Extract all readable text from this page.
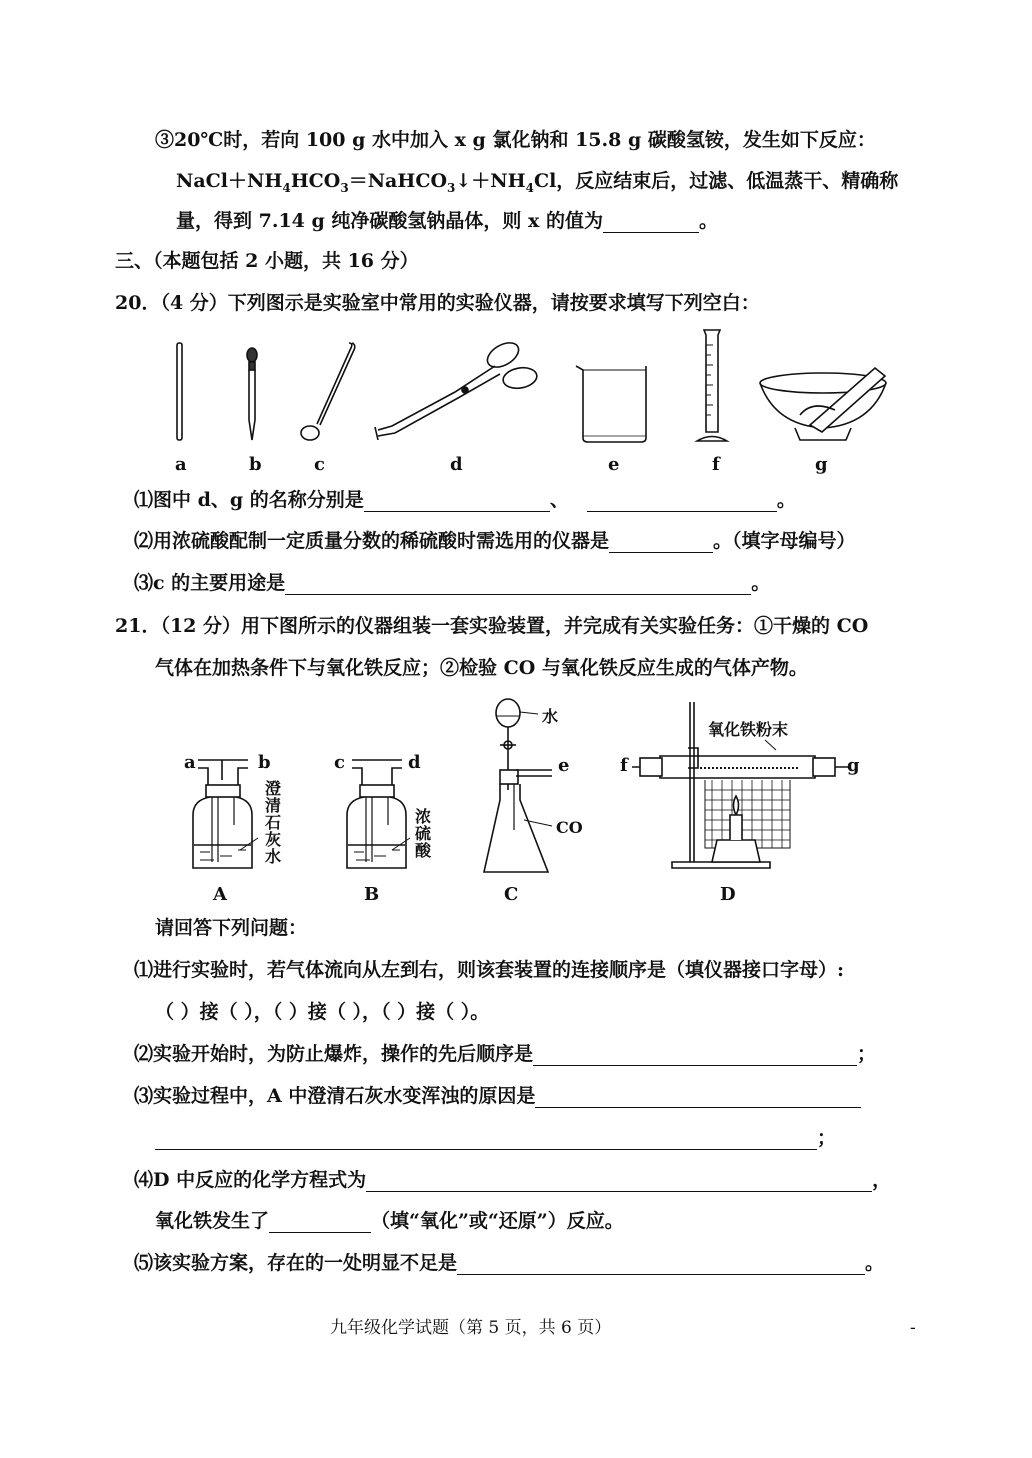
③20℃时，若向 100 g 水中加入 x g 氯化钠和 15.8 g 碳酸氢铵，发生如下反应：
$NaCl+NH_4HCO_3=NaHCO_3↓+NH_4Cl$，反应结束后，过滤、低温蒸干、精确称
量，得到 7.14 g 纯净碳酸氢钠晶体，则 x 的值为	。
三、（本题包括 2 小题，共 16 分）
20．（4 分）下列图示是实验室中常用的实验仪器，请按要求填写下列空白：
a	b	c	d	e	f	g
⑴图中 d、g 的名称分别是	、	。
⑵用浓硫酸配制一定质量分数的稀硫酸时需选用的仪器是	。（填字母编号）
⑶c 的主要用途是	。
21．（12 分）用下图所示的仪器组装一套实验装置，并完成有关实验任务：①干燥的 CO
气体在加热条件下与氧化铁反应；②检验 CO 与氧化铁反应生成的气体产物。
a	b	c	d	e	f	g
澄清石灰水
浓硫酸
水
CO
氧化铁粉末
A	B	C	D
请回答下列问题：
⑴进行实验时，若气体流向从左到右，则该套装置的连接顺序是（填仪器接口字母）:
（ ）接（ ），（ ）接（ ），（ ）接（ ）。
⑵实验开始时，为防止爆炸，操作的先后顺序是	；
⑶实验过程中，A 中澄清石灰水变浑浊的原因是
；
⑷D 中反应的化学方程式为	，
氧化铁发生了	（填“氧化”或“还原”）反应。
⑸该实验方案，存在的一处明显不足是	。
九年级化学试题（第 5 页，共 6 页）	-
